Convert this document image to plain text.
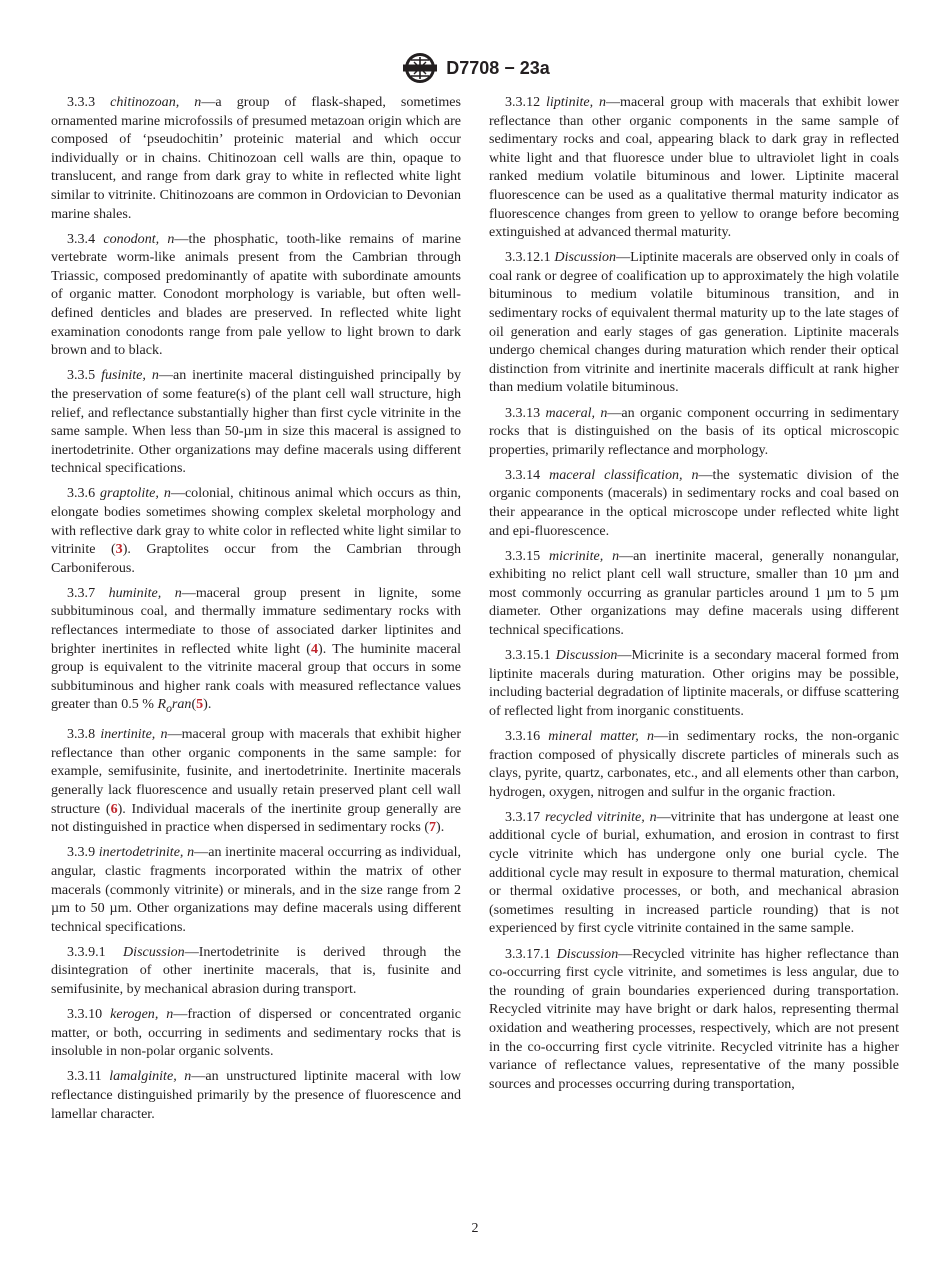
D7708 − 23a

3.3.3 chitinozoan, n—a group of flask-shaped, sometimes ornamented marine microfossils of presumed metazoan origin which are composed of ‘pseudochitin’ proteinic material and which occur individually or in chains. Chitinozoan cell walls are thin, opaque to translucent, and range from dark gray to white in reflected white light similar to vitrinite. Chitinozoans are common in Ordovician to Devonian marine shales.

3.3.4 conodont, n—the phosphatic, tooth-like remains of marine vertebrate worm-like animals present from the Cambrian through Triassic, composed predominantly of apatite with subordinate amounts of organic matter. Conodont morphology is variable, but often well-defined denticles and blades are preserved. In reflected white light examination conodonts range from pale yellow to light brown to dark brown and to black.

3.3.5 fusinite, n—an inertinite maceral distinguished principally by the preservation of some feature(s) of the plant cell wall structure, high relief, and reflectance substantially higher than first cycle vitrinite in the same sample. When less than 50-µm in size this maceral is assigned to inertodetrinite. Other organizations may define macerals using different technical specifications.

3.3.6 graptolite, n—colonial, chitinous animal which occurs as thin, elongate bodies sometimes showing complex skeletal morphology and with reflective dark gray to white color in reflected white light similar to vitrinite (3). Graptolites occur from the Cambrian through Carboniferous.

3.3.7 huminite, n—maceral group present in lignite, some subbituminous coal, and thermally immature sedimentary rocks with reflectances intermediate to those of associated darker liptinites and brighter inertinites in reflected white light (4). The huminite maceral group is equivalent to the vitrinite maceral group that occurs in some subbituminous and higher rank coals with measured reflectance values greater than 0.5 % $R_oran(5)$.

3.3.8 inertinite, n—maceral group with macerals that exhibit higher reflectance than other organic components in the same sample: for example, semifusinite, fusinite, and inertodetrinite. Inertinite macerals generally lack fluorescence and usually retain preserved plant cell wall structure (6). Individual macerals of the inertinite group generally are not distinguished in practice when dispersed in sedimentary rocks (7).

3.3.9 inertodetrinite, n—an inertinite maceral occurring as individual, angular, clastic fragments incorporated within the matrix of other macerals (commonly vitrinite) or minerals, and in the size range from 2 µm to 50 µm. Other organizations may define macerals using different technical specifications.

3.3.9.1 Discussion—Inertodetrinite is derived through the disintegration of other inertinite macerals, that is, fusinite and semifusinite, by mechanical abrasion during transport.

3.3.10 kerogen, n—fraction of dispersed or concentrated organic matter, or both, occurring in sediments and sedimentary rocks that is insoluble in non-polar organic solvents.

3.3.11 lamalginite, n—an unstructured liptinite maceral with low reflectance distinguished primarily by the presence of fluorescence and lamellar character.

3.3.12 liptinite, n—maceral group with macerals that exhibit lower reflectance than other organic components in the same sample of sedimentary rocks and coal, appearing black to dark gray in reflected white light and that fluoresce under blue to ultraviolet light in coals ranked medium volatile bituminous and lower. Liptinite maceral fluorescence can be used as a qualitative thermal maturity indicator as fluorescence changes from green to yellow to orange before becoming extinguished at advanced thermal maturity.

3.3.12.1 Discussion—Liptinite macerals are observed only in coals of coal rank or degree of coalification up to approximately the high volatile bituminous to medium volatile bituminous transition, and in sedimentary rocks of equivalent thermal maturity up to the late stages of oil generation and early stages of gas generation. Liptinite macerals undergo chemical changes during maturation which render their optical distinction from vitrinite and inertinite macerals difficult at rank higher than medium volatile bituminous.

3.3.13 maceral, n—an organic component occurring in sedimentary rocks that is distinguished on the basis of its optical microscopic properties, primarily reflectance and morphology.

3.3.14 maceral classification, n—the systematic division of the organic components (macerals) in sedimentary rocks and coal based on their appearance in the optical microscope under reflected white light and epi-fluorescence.

3.3.15 micrinite, n—an inertinite maceral, generally nonangular, exhibiting no relict plant cell wall structure, smaller than 10 µm and most commonly occurring as granular particles around 1 µm to 5 µm diameter. Other organizations may define macerals using different technical specifications.

3.3.15.1 Discussion—Micrinite is a secondary maceral formed from liptinite macerals during maturation. Other origins may be possible, including bacterial degradation of liptinite macerals, or diffuse scattering of reflected light from inorganic constituents.

3.3.16 mineral matter, n—in sedimentary rocks, the non-organic fraction composed of physically discrete particles of minerals such as clays, pyrite, quartz, carbonates, etc., and all elements other than carbon, hydrogen, oxygen, nitrogen and sulfur in the organic fraction.

3.3.17 recycled vitrinite, n—vitrinite that has undergone at least one additional cycle of burial, exhumation, and erosion in contrast to first cycle vitrinite which has undergone only one burial cycle. The additional cycle may result in exposure to thermal maturation, chemical or thermal oxidative processes, or both, and mechanical abrasion (sometimes resulting in increased particle rounding) that is not experienced by first cycle vitrinite contained in the same sample.

3.3.17.1 Discussion—Recycled vitrinite has higher reflectance than co-occurring first cycle vitrinite, and sometimes is less angular, due to the rounding of grain boundaries experienced during transportation. Recycled vitrinite may have bright or dark halos, representing thermal oxidation and weathering processes, respectively, which are not present in the co-occurring first cycle vitrinite. Recycled vitrinite has a higher variance of reflectance values, representative of the many possible sources and processes occurring during transportation,

2
